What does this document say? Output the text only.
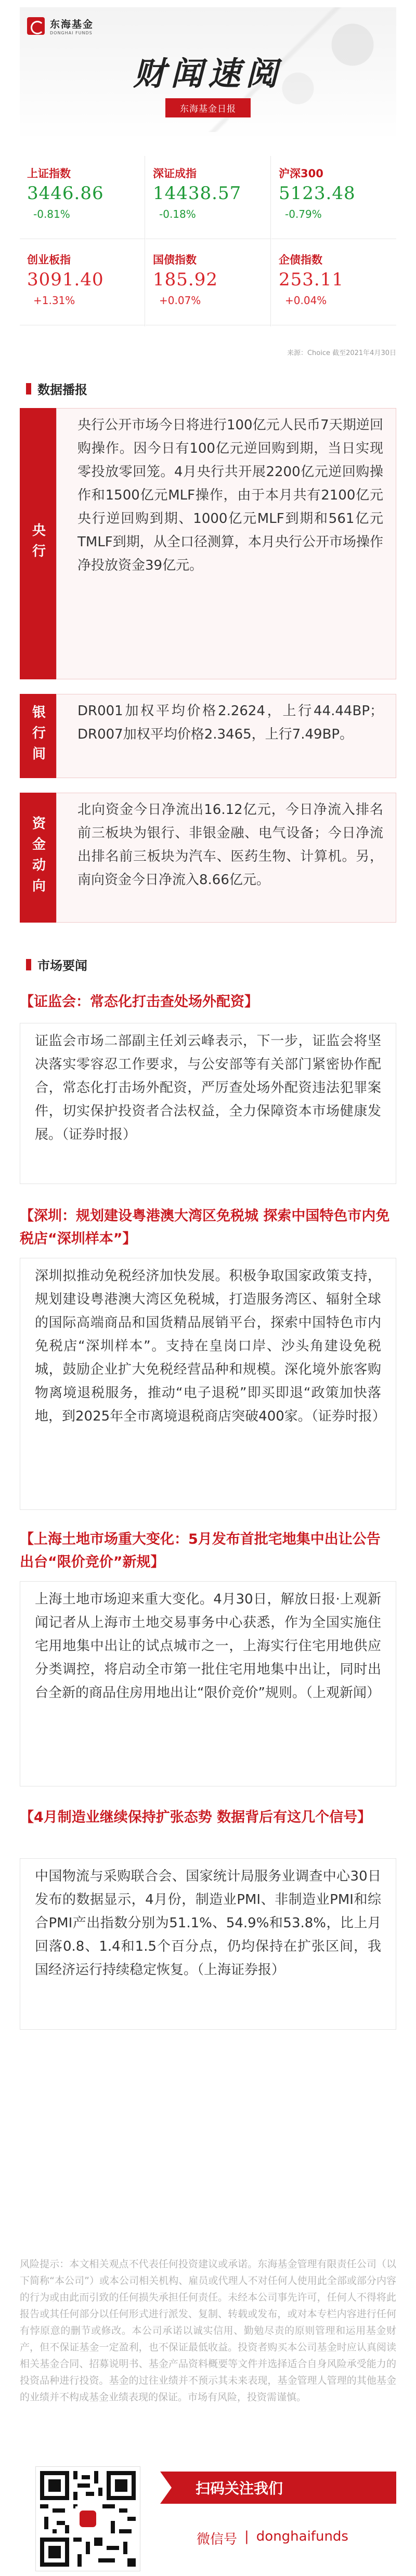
东海基金
DONGHAI FUNDS
财闻速阅
东海基金日报
上证指数
3446.86
-0.81%
深证成指
14438.57
-0.18%
沪深300
5123.48
-0.79%
创业板指
3091.40
+1.31%
国债指数
185.92
+0.07%
企债指数
253.11
+0.04%
来源：Choice 截至2021年4月30日
数据播报
央行
央行公开市场今日将进行100亿元人民币7天期逆回购操作。因今日有100亿元逆回购到期，当日实现零投放零回笼。4月央行共开展2200亿元逆回购操作和1500亿元MLF操作，由于本月共有2100亿元央行逆回购到期、1000亿元MLF到期和561亿元TMLF到期，从全口径测算，本月央行公开市场操作净投放资金39亿元。
银行间	DR001加权平均价格2.2624，上行44.44BP；DR007加权平均价格2.3465，上行7.49BP。
资金动向
北向资金今日净流出16.12亿元，今日净流入排名前三板块为银行、非银金融、电气设备；今日净流出排名前三板块为汽车、医药生物、计算机。另，南向资金今日净流入8.66亿元。
市场要闻
【证监会：常态化打击查处场外配资】
证监会市场二部副主任刘云峰表示，下一步，证监会将坚决落实零容忍工作要求，与公安部等有关部门紧密协作配合，常态化打击场外配资，严厉查处场外配资违法犯罪案件，切实保护投资者合法权益，全力保障资本市场健康发展。（证券时报）
【深圳：规划建设粤港澳大湾区免税城 探索中国特色市内免税店“深圳样本”】
深圳拟推动免税经济加快发展。积极争取国家政策支持，规划建设粤港澳大湾区免税城，打造服务湾区、辐射全球的国际高端商品和国货精品展销平台，探索中国特色市内免税店“深圳样本”。支持在皇岗口岸、沙头角建设免税城，鼓励企业扩大免税经营品种和规模。深化境外旅客购物离境退税服务，推动“电子退税”即买即退“政策加快落地，到2025年全市离境退税商店突破400家。（证券时报）
【上海土地市场重大变化：5月发布首批宅地集中出让公告 出台“限价竞价”新规】
上海土地市场迎来重大变化。4月30日，解放日报·上观新闻记者从上海市土地交易事务中心获悉，作为全国实施住宅用地集中出让的试点城市之一，上海实行住宅用地供应分类调控，将启动全市第一批住宅用地集中出让，同时出台全新的商品住房用地出让“限价竞价”规则。（上观新闻）
【4月制造业继续保持扩张态势 数据背后有这几个信号】
中国物流与采购联合会、国家统计局服务业调查中心30日发布的数据显示，4月份，制造业PMI、非制造业PMI和综合PMI产出指数分别为51.1%、54.9%和53.8%，比上月回落0.8、1.4和1.5个百分点，仍均保持在扩张区间，我国经济运行持续稳定恢复。（上海证券报）
风险提示：本文相关观点不代表任何投资建议或承诺。东海基金管理有限责任公司（以下简称“本公司”）或本公司相关机构、雇员或代理人不对任何人使用此全部或部分内容的行为或由此而引致的任何损失承担任何责任。未经本公司事先许可，任何人不得将此报告或其任何部分以任何形式进行派发、复制、转载或发布，或对本专栏内容进行任何有悖原意的删节或修改。本公司承诺以诚实信用、勤勉尽责的原则管理和运用基金财产，但不保证基金一定盈利，也不保证最低收益。投资者购买本公司基金时应认真阅读相关基金合同、招募说明书、基金产品资料概要等文件并选择适合自身风险承受能力的投资品种进行投资。基金的过往业绩并不预示其未来表现，基金管理人管理的其他基金的业绩并不构成基金业绩表现的保证。市场有风险，投资需谨慎。
扫码关注我们
微信号 | donghaifunds
